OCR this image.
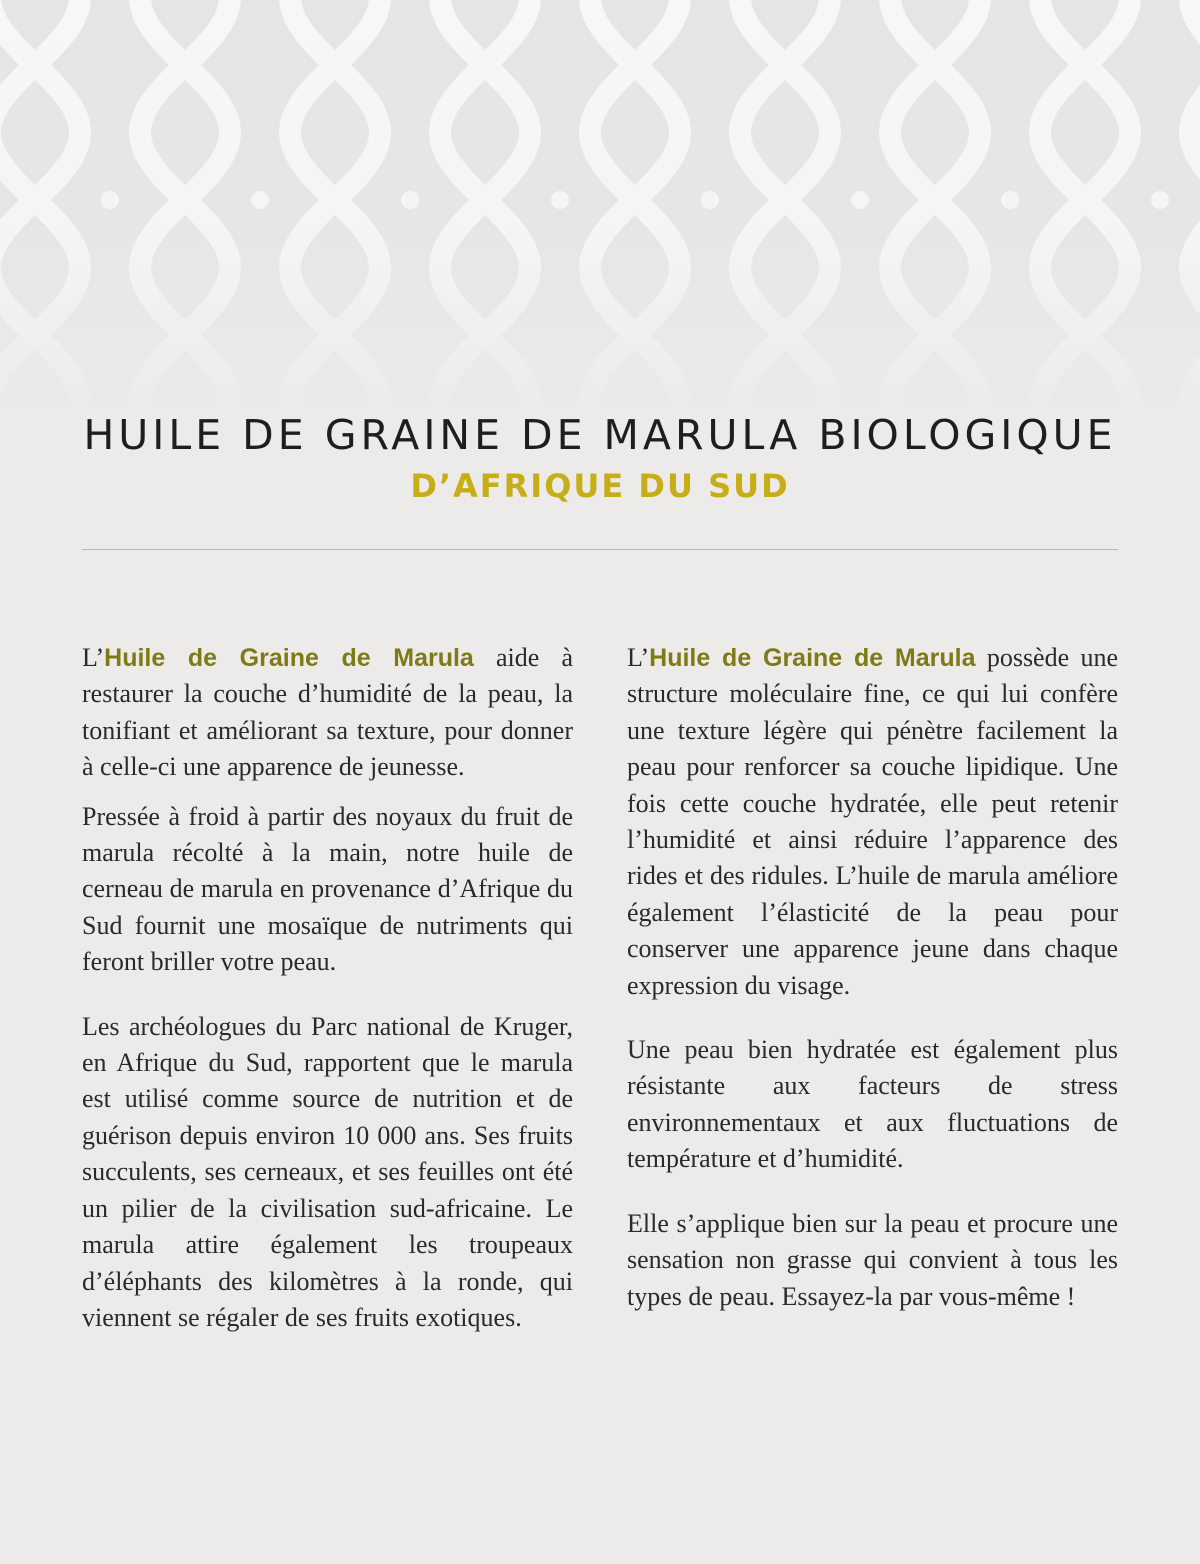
HUILE DE GRAINE DE MARULA BIOLOGIQUE
D’AFRIQUE DU SUD

L’Huile de Graine de Marula aide à restaurer la couche d’humidité de la peau, la tonifiant et améliorant sa texture, pour donner à celle-ci une apparence de jeunesse.

Pressée à froid à partir des noyaux du fruit de marula récolté à la main, notre huile de cerneau de marula en provenance d’Afrique du Sud fournit une mosaïque de nutriments qui feront briller votre peau.

Les archéologues du Parc national de Kruger, en Afrique du Sud, rapportent que le marula est utilisé comme source de nutrition et de guérison depuis environ 10 000 ans. Ses fruits succulents, ses cerneaux, et ses feuilles ont été un pilier de la civilisation sud-africaine. Le marula attire également les troupeaux d’éléphants des kilomètres à la ronde, qui viennent se régaler de ses fruits exotiques.

L’Huile de Graine de Marula possède une structure moléculaire fine, ce qui lui confère une texture légère qui pénètre facilement la peau pour renforcer sa couche lipidique. Une fois cette couche hydratée, elle peut retenir l’humidité et ainsi réduire l’apparence des rides et des ridules. L’huile de marula améliore également l’élasticité de la peau pour conserver une apparence jeune dans chaque expression du visage.

Une peau bien hydratée est également plus résistante aux facteurs de stress environnementaux et aux fluctuations de température et d’humidité.

Elle s’applique bien sur la peau et procure une sensation non grasse qui convient à tous les types de peau. Essayez-la par vous-même !
